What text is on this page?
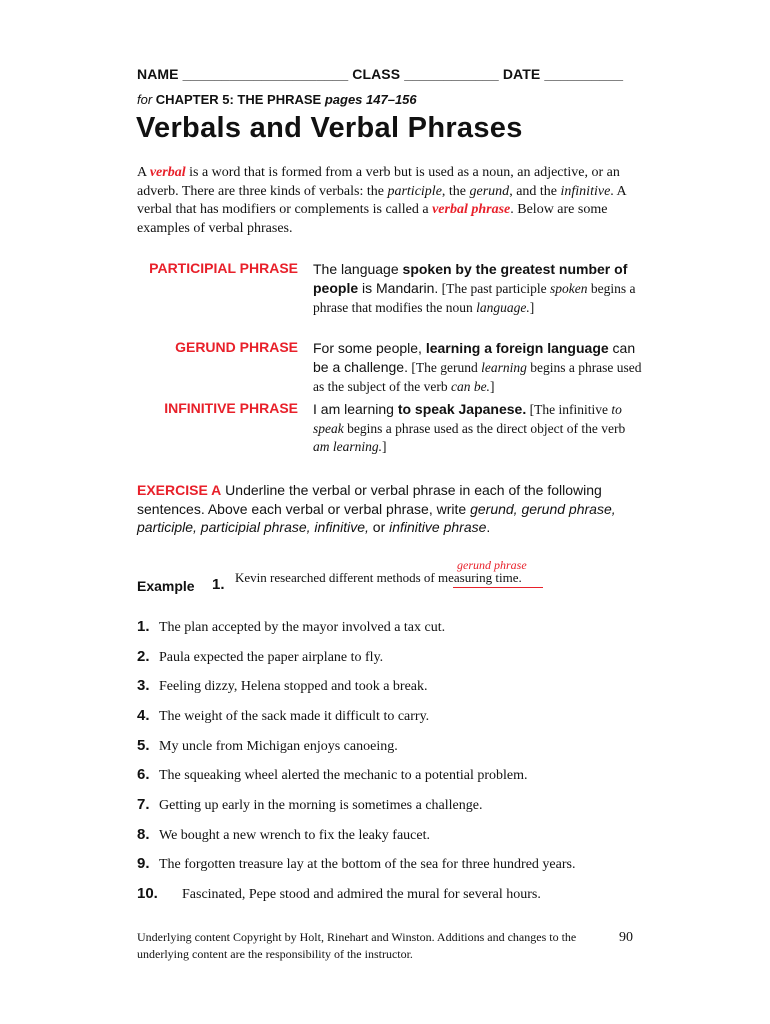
NAME _____________________ CLASS ____________ DATE __________
for CHAPTER 5: THE PHRASE pages 147–156
Verbals and Verbal Phrases
A verbal is a word that is formed from a verb but is used as a noun, an adjective, or an adverb. There are three kinds of verbals: the participle, the gerund, and the infinitive. A verbal that has modifiers or complements is called a verbal phrase. Below are some examples of verbal phrases.
PARTICIPIAL PHRASE The language spoken by the greatest number of people is Mandarin. [The past participle spoken begins a phrase that modifies the noun language.]
GERUND PHRASE For some people, learning a foreign language can be a challenge. [The gerund learning begins a phrase used as the subject of the verb can be.]
INFINITIVE PHRASE I am learning to speak Japanese. [The infinitive to speak begins a phrase used as the direct object of the verb am learning.]
EXERCISE A Underline the verbal or verbal phrase in each of the following sentences. Above each verbal or verbal phrase, write gerund, gerund phrase, participle, participial phrase, infinitive, or infinitive phrase.
Example 1. Kevin researched different methods of measuring time.
gerund phrase
1. The plan accepted by the mayor involved a tax cut.
2. Paula expected the paper airplane to fly.
3. Feeling dizzy, Helena stopped and took a break.
4. The weight of the sack made it difficult to carry.
5. My uncle from Michigan enjoys canoeing.
6. The squeaking wheel alerted the mechanic to a potential problem.
7. Getting up early in the morning is sometimes a challenge.
8. We bought a new wrench to fix the leaky faucet.
9. The forgotten treasure lay at the bottom of the sea for three hundred years.
10. Fascinated, Pepe stood and admired the mural for several hours.
Underlying content Copyright by Holt, Rinehart and Winston. Additions and changes to the underlying content are the responsibility of the instructor.
90
